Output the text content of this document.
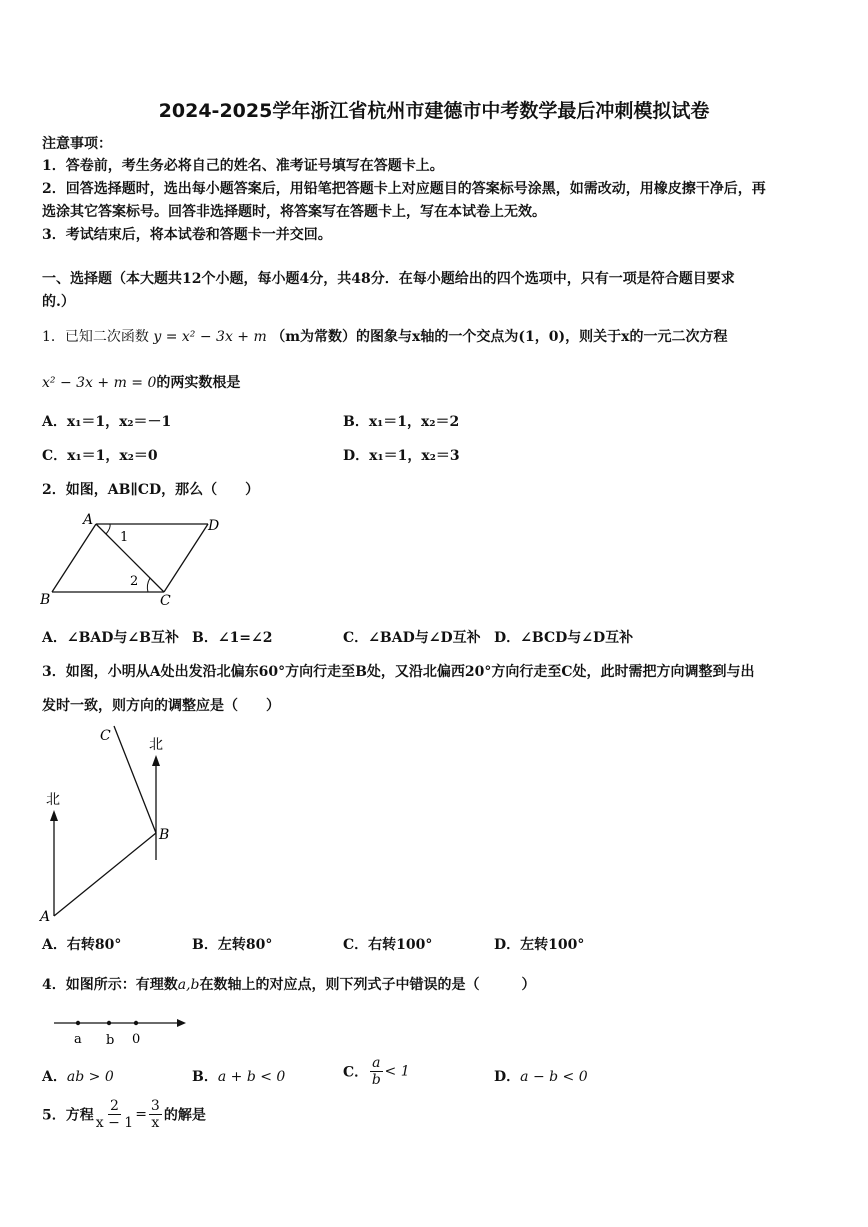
2024-2025学年浙江省杭州市建德市中考数学最后冲刺模拟试卷
注意事项：
1．答卷前，考生务必将自己的姓名、准考证号填写在答题卡上。
2．回答选择题时，选出每小题答案后，用铅笔把答题卡上对应题目的答案标号涂黑，如需改动，用橡皮擦干净后，再
选涂其它答案标号。回答非选择题时，将答案写在答题卡上，写在本试卷上无效。
3．考试结束后，将本试卷和答题卡一并交回。
一、选择题（本大题共12个小题，每小题4分，共48分．在每小题给出的四个选项中，只有一项是符合题目要求
的.）
1．已知二次函数 y = x² − 3x + m （m为常数）的图象与x轴的一个交点为(1，0)，则关于x的一元二次方程
x² − 3x + m = 0的两实数根是
A．x₁＝1，x₂＝－1	B．x₁＝1，x₂＝2
C．x₁＝1，x₂＝0	D．x₁＝1，x₂＝3
2．如图，AB∥CD，那么（　　）
A	D
B	C
1
2
A．∠BAD与∠B互补 B．∠1=∠2	C．∠BAD与∠D互补 D．∠BCD与∠D互补
3．如图，小明从A处出发沿北偏东60°方向行走至B处，又沿北偏西20°方向行走至C处，此时需把方向调整到与出
发时一致，则方向的调整应是（　　）
北
北
A
B
C
A．右转80°	B．左转80°	C．右转100°	D．左转100°
4．如图所示：有理数a,b在数轴上的对应点，则下列式子中错误的是（　　　）
a b 0
A．ab > 0	B．a + b < 0	C． $\frac{a}{b} < 1$	D．a − b < 0
5．方程 $\frac{2}{x - 1} = \frac{3}{x}$ 的解是
